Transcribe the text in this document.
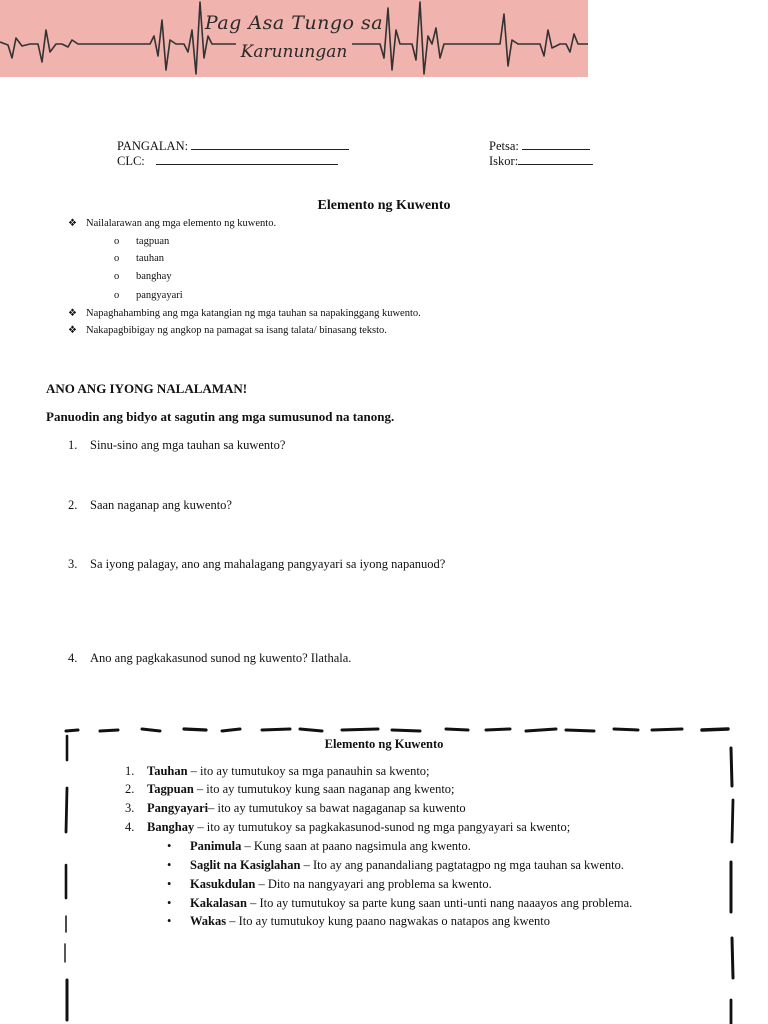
Pag Asa Tungo sa
Karunungan
PANGALAN:
CLC:
Petsa:
Iskor:
Elemento ng Kuwento
❖ Nailalarawan ang mga elemento ng kuwento.
o tagpuan
o tauhan
o banghay
o pangyayari
❖ Napaghahambing ang mga katangian ng mga tauhan sa napakinggang kuwento.
❖ Nakapagbibigay ng angkop na pamagat sa isang talata/ binasang teksto.
ANO ANG IYONG NALALAMAN!
Panuodin ang bidyo at sagutin ang mga sumusunod na tanong.
1. Sinu-sino ang mga tauhan sa kuwento?
2. Saan naganap ang kuwento?
3. Sa iyong palagay, ano ang mahalagang pangyayari sa iyong napanuod?
4. Ano ang pagkakasunod sunod ng kuwento? Ilathala.
Elemento ng Kuwento
1. Tauhan – ito ay tumutukoy sa mga panauhin sa kwento;
2. Tagpuan – ito ay tumutukoy kung saan naganap ang kwento;
3. Pangyayari– ito ay tumutukoy sa bawat nagaganap sa kuwento
4. Banghay – ito ay tumutukoy sa pagkakasunod-sunod ng mga pangyayari sa kwento;
• Panimula – Kung saan at paano nagsimula ang kwento.
• Saglit na Kasiglahan – Ito ay ang panandaliang pagtatagpo ng mga tauhan sa kwento.
• Kasukdulan – Dito na nangyayari ang problema sa kwento.
• Kakalasan – Ito ay tumutukoy sa parte kung saan unti-unti nang naaayos ang problema.
• Wakas – Ito ay tumutukoy kung paano nagwakas o natapos ang kwento
